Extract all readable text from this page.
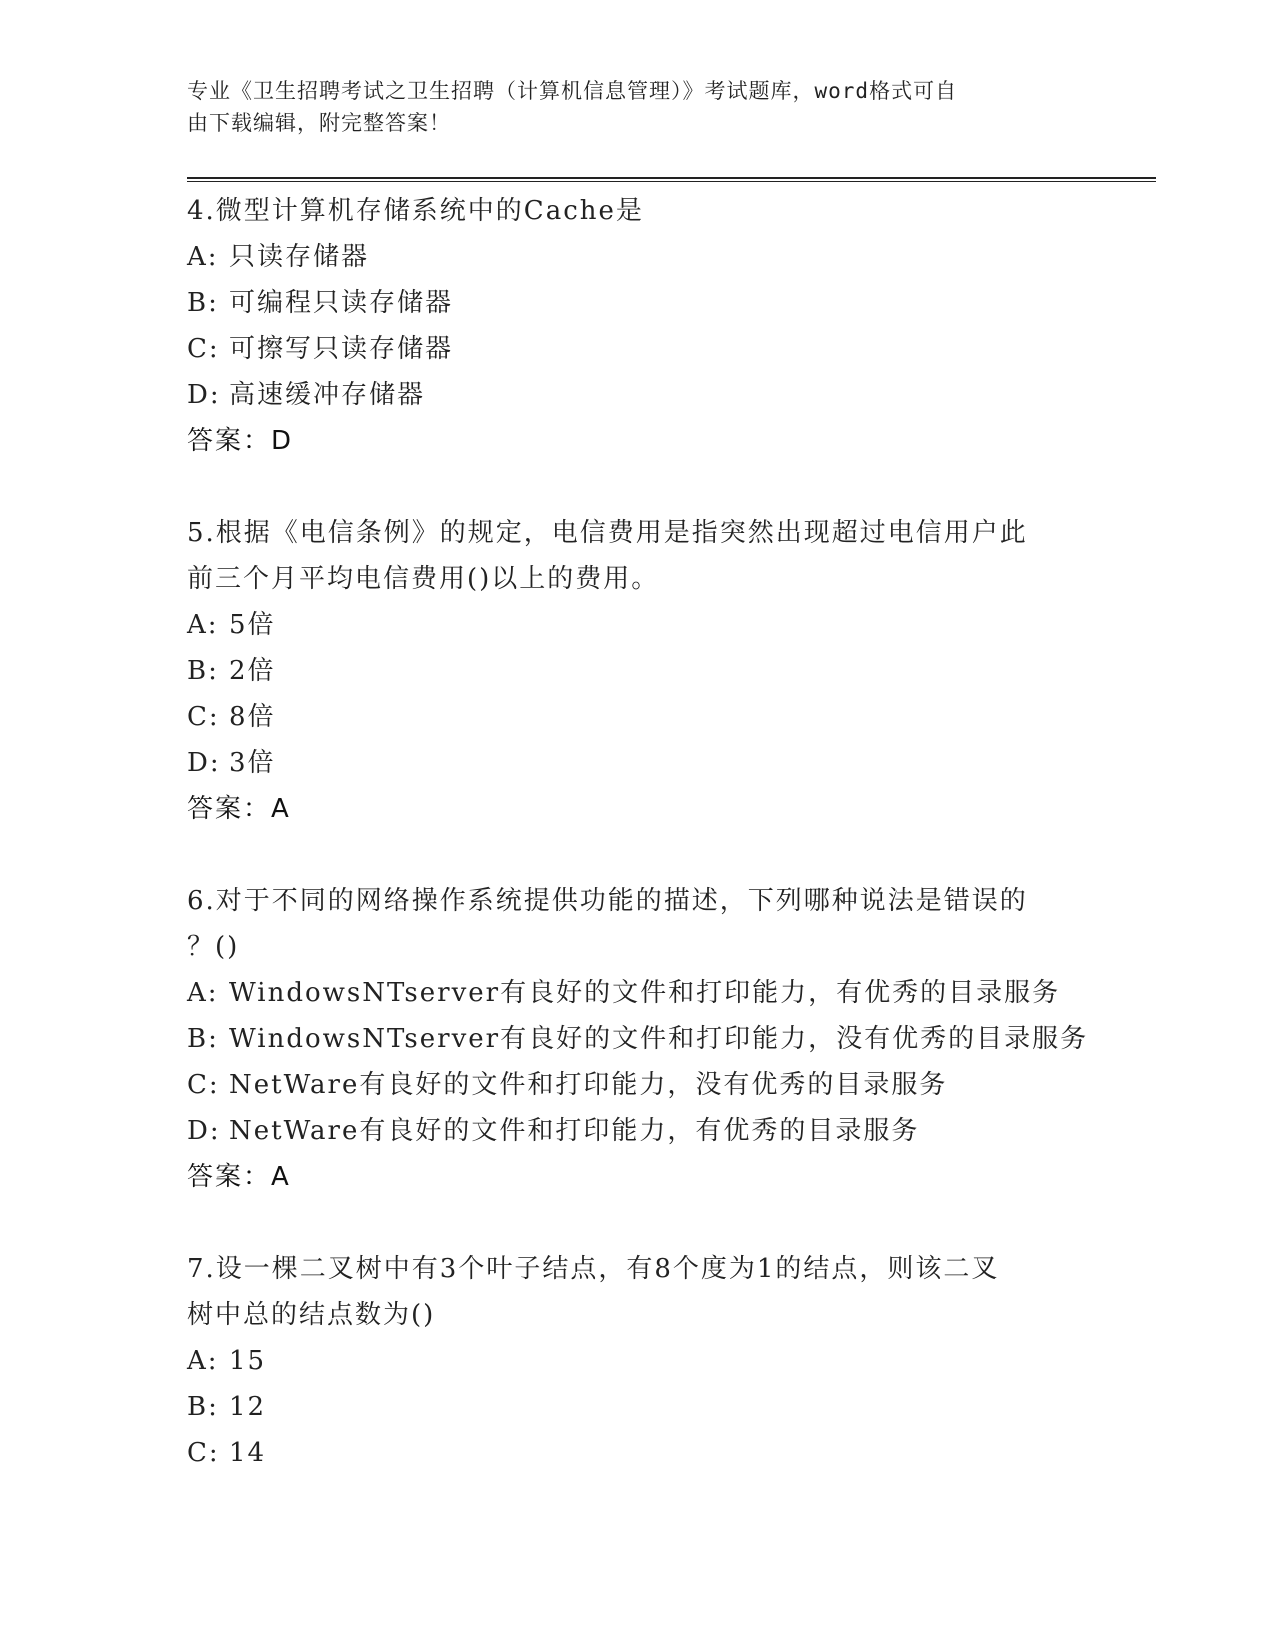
专业《卫生招聘考试之卫生招聘（计算机信息管理）》考试题库，word格式可自
由下载编辑，附完整答案！
4.微型计算机存储系统中的Cache是
A: 只读存储器
B: 可编程只读存储器
C: 可擦写只读存储器
D: 高速缓冲存储器
答案：D
5.根据《电信条例》的规定，电信费用是指突然出现超过电信用户此
前三个月平均电信费用()以上的费用。
A: 5倍
B: 2倍
C: 8倍
D: 3倍
答案：A
6.对于不同的网络操作系统提供功能的描述，下列哪种说法是错误的
？()
A: WindowsNTserver有良好的文件和打印能力，有优秀的目录服务
B: WindowsNTserver有良好的文件和打印能力，没有优秀的目录服务
C: NetWare有良好的文件和打印能力，没有优秀的目录服务
D: NetWare有良好的文件和打印能力，有优秀的目录服务
答案：A
7.设一棵二叉树中有3个叶子结点，有8个度为1的结点，则该二叉
树中总的结点数为()
A: 15
B: 12
C: 14
